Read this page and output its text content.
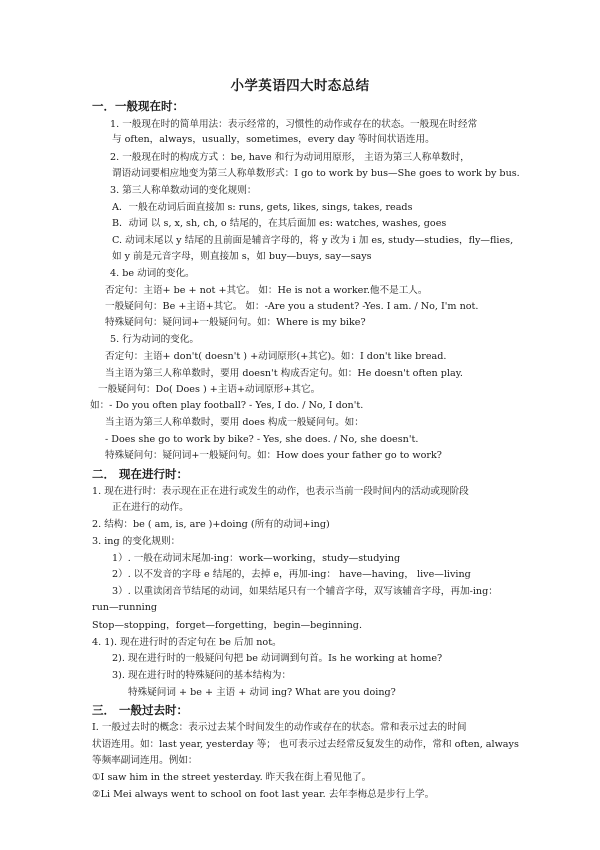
小学英语四大时态总结
一．一般现在时：
1. 一般现在时的简单用法：表示经常的，习惯性的动作或存在的状态。一般现在时经常
与 often，always，usually，sometimes，every day 等时间状语连用。
2. 一般现在时的构成方式 ：be, have 和行为动词用原形， 主语为第三人称单数时，
谓语动词要相应地变为第三人称单数形式：I go to work by bus—She goes to work by bus.
3. 第三人称单数动词的变化规则：
A．一般在动词后面直接加 s: runs, gets, likes, sings, takes, reads
B．动词 以 s, x, sh, ch, o 结尾的，在其后面加 es: watches, washes, goes
C. 动词末尾以 y 结尾的且前面是辅音字母的，将 y 改为 i 加 es, study—studies，fly—flies,
如 y 前是元音字母，则直接加 s，如 buy—buys, say—says
4. be 动词的变化。
否定句：主语+ be + not +其它。 如：He is not a worker.他不是工人。
一般疑问句：Be +主语+其它。 如：-Are you a student? -Yes. I am. / No, I'm not.
特殊疑问句：疑问词+一般疑问句。如：Where is my bike?
5. 行为动词的变化。
否定句：主语+ don't( doesn't ) +动词原形(+其它)。如：I don't like bread.
当主语为第三人称单数时，要用 doesn't 构成否定句。如：He doesn't often play.
一般疑问句：Do( Does ) +主语+动词原形+其它。
如：- Do you often play football? - Yes, I do. / No, I don't.
当主语为第三人称单数时，要用 does 构成一般疑问句。如：
- Does she go to work by bike? - Yes, she does. / No, she doesn't.
特殊疑问句：疑问词+一般疑问句。如：How does your father go to work?
二． 现在进行时：
1. 现在进行时：表示现在正在进行或发生的动作，也表示当前一段时间内的活动或现阶段
正在进行的动作。
2. 结构：be ( am, is, are )+doing (所有的动词+ing)
3. ing 的变化规则：
1）. 一般在动词末尾加-ing：work—working，study—studying
2）. 以不发音的字母 e 结尾的，去掉 e，再加-ing： have—having， live—living
3）. 以重读闭音节结尾的动词，如果结尾只有一个辅音字母，双写该辅音字母，再加-ing：
run—running
Stop—stopping，forget—forgetting，begin—beginning.
4. 1). 现在进行时的否定句在 be 后加 not。
2). 现在进行时的一般疑问句把 be 动词调到句首。Is he working at home?
3). 现在进行时的特殊疑问的基本结构为：
特殊疑问词 + be + 主语 + 动词 ing? What are you doing?
三． 一般过去时：
I. 一般过去时的概念：表示过去某个时间发生的动作或存在的状态。常和表示过去的时间
状语连用。如：last year, yesterday 等； 也可表示过去经常反复发生的动作，常和 often, always
等频率副词连用。例如：
①I saw him in the street yesterday. 昨天我在街上看见他了。
②Li Mei always went to school on foot last year. 去年李梅总是步行上学。
